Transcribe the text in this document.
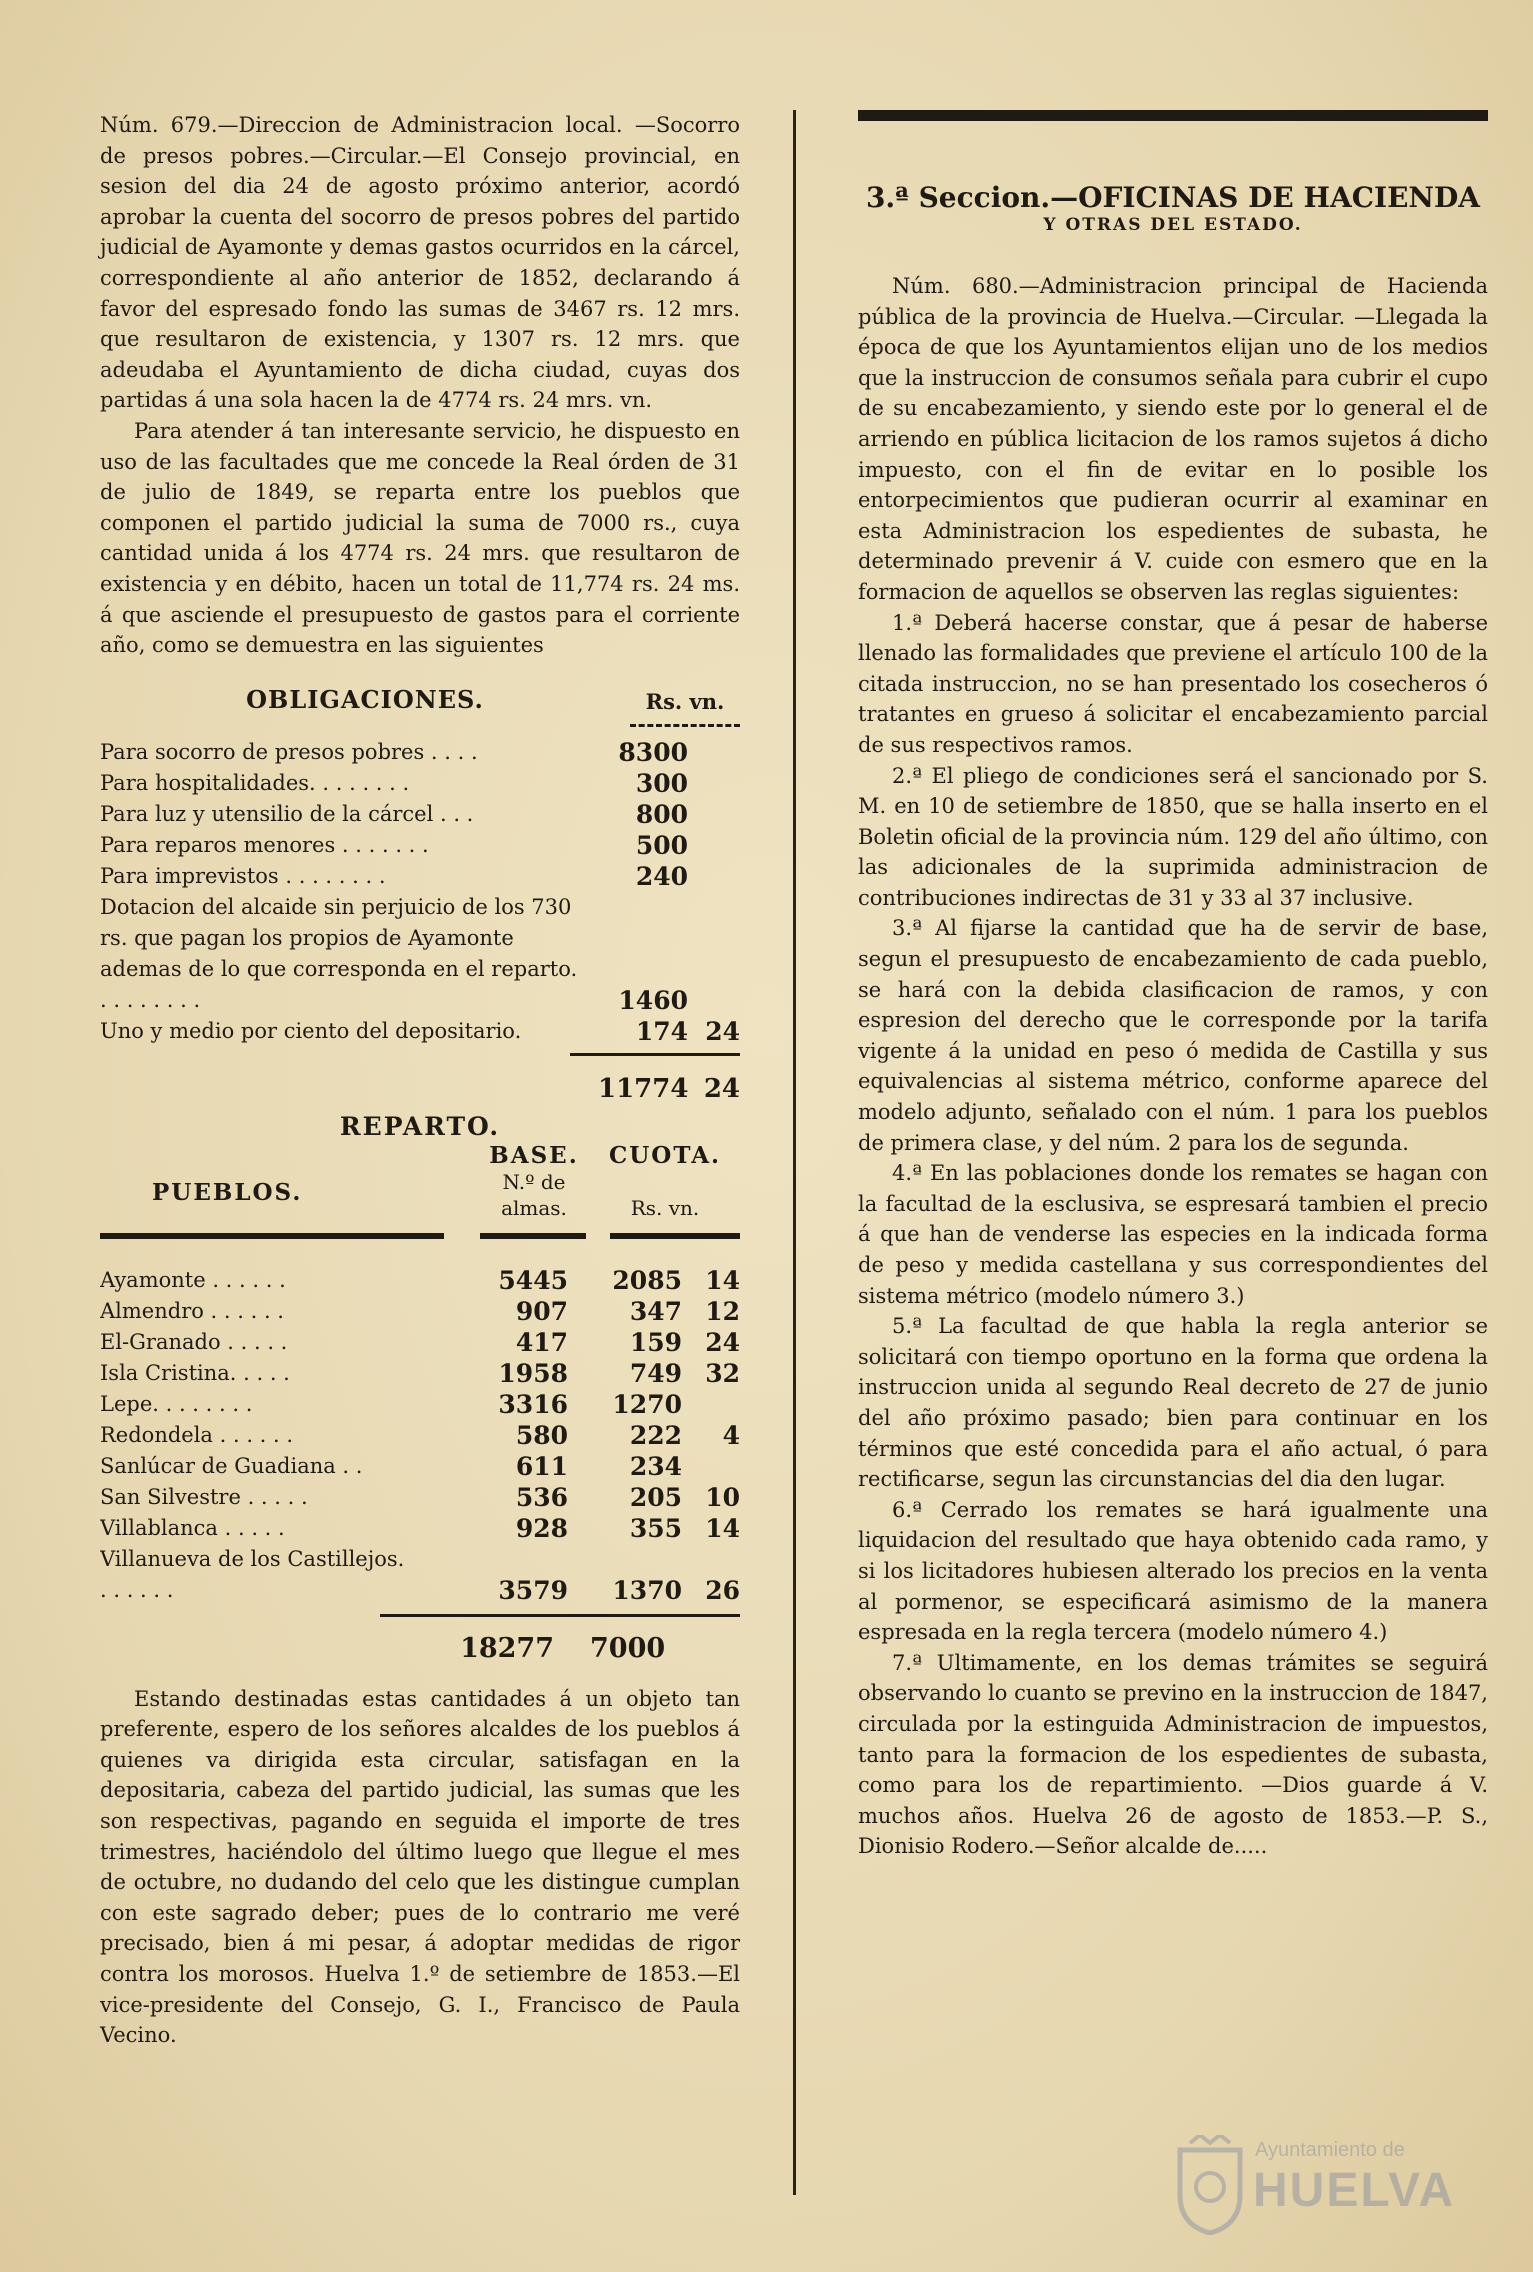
Núm. 679.—Direccion de Administracion local. —Socorro de presos pobres.—Circular.—El Consejo provincial, en sesion del dia 24 de agosto próximo anterior, acordó aprobar la cuenta del socorro de presos pobres del partido judicial de Ayamonte y demas gastos ocurridos en la cárcel, correspondiente al año anterior de 1852, declarando á favor del espresado fondo las sumas de 3467 rs. 12 mrs. que resultaron de existencia, y 1307 rs. 12 mrs. que adeudaba el Ayuntamiento de dicha ciudad, cuyas dos partidas á una sola hacen la de 4774 rs. 24 mrs. vn.

Para atender á tan interesante servicio, he dispuesto en uso de las facultades que me concede la Real órden de 31 de julio de 1849, se reparta entre los pueblos que componen el partido judicial la suma de 7000 rs., cuya cantidad unida á los 4774 rs. 24 mrs. que resultaron de existencia y en débito, hacen un total de 11,774 rs. 24 ms. á que asciende el presupuesto de gastos para el corriente año, como se demuestra en las siguientes

OBLIGACIONES.	Rs. vn.
Para socorro de presos pobres . . . .	8300
Para hospitalidades. . . . . . . .	300
Para luz y utensilio de la cárcel . . .	800
Para reparos menores . . . . . . .	500
Para imprevistos . . . . . . . .	240
Dotacion del alcaide sin perjuicio de los 730 rs. que pagan los propios de Ayamonte ademas de lo que corresponda en el reparto. . . . . . . . .	1460
Uno y medio por ciento del depositario.	174 24
11774 24
REPARTO.
PUEBLOS.
BASE.
N.º de almas.
CUOTA.

Rs. vn.
Ayamonte . . . . . .	5445	2085 14
Almendro . . . . . .	907	347 12
El-Granado . . . . .	417	159 24
Isla Cristina. . . . .	1958	749 32
Lepe. . . . . . . .	3316	1270
Redondela . . . . . .	580	222	4
Sanlúcar de Guadiana . .	611	234
San Silvestre . . . . .	536	205 10
Villablanca . . . . .	928	355 14
Villanueva de los Castillejos. . . . . . .	3579	1370 26
18277	7000

Estando destinadas estas cantidades á un objeto tan preferente, espero de los señores alcaldes de los pueblos á quienes va dirigida esta circular, satisfagan en la depositaria, cabeza del partido judicial, las sumas que les son respectivas, pagando en seguida el importe de tres trimestres, haciéndolo del último luego que llegue el mes de octubre, no dudando del celo que les distingue cumplan con este sagrado deber; pues de lo contrario me veré precisado, bien á mi pesar, á adoptar medidas de rigor contra los morosos. Huelva 1.º de setiembre de 1853.—El vice-presidente del Consejo, G. I., Francisco de Paula Vecino.

3.ª Seccion.—OFICINAS DE HACIENDA
Y OTRAS DEL ESTADO.

Núm. 680.—Administracion principal de Hacienda pública de la provincia de Huelva.—Circular. —Llegada la época de que los Ayuntamientos elijan uno de los medios que la instruccion de consumos señala para cubrir el cupo de su encabezamiento, y siendo este por lo general el de arriendo en pública licitacion de los ramos sujetos á dicho impuesto, con el fin de evitar en lo posible los entorpecimientos que pudieran ocurrir al examinar en esta Administracion los espedientes de subasta, he determinado prevenir á V. cuide con esmero que en la formacion de aquellos se observen las reglas siguientes:

1.ª Deberá hacerse constar, que á pesar de haberse llenado las formalidades que previene el artículo 100 de la citada instruccion, no se han presentado los cosecheros ó tratantes en grueso á solicitar el encabezamiento parcial de sus respectivos ramos.

2.ª El pliego de condiciones será el sancionado por S. M. en 10 de setiembre de 1850, que se halla inserto en el Boletin oficial de la provincia núm. 129 del año último, con las adicionales de la suprimida administracion de contribuciones indirectas de 31 y 33 al 37 inclusive.

3.ª Al fijarse la cantidad que ha de servir de base, segun el presupuesto de encabezamiento de cada pueblo, se hará con la debida clasificacion de ramos, y con espresion del derecho que le corresponde por la tarifa vigente á la unidad en peso ó medida de Castilla y sus equivalencias al sistema métrico, conforme aparece del modelo adjunto, señalado con el núm. 1 para los pueblos de primera clase, y del núm. 2 para los de segunda.

4.ª En las poblaciones donde los remates se hagan con la facultad de la esclusiva, se espresará tambien el precio á que han de venderse las especies en la indicada forma de peso y medida castellana y sus correspondientes del sistema métrico (modelo número 3.)

5.ª La facultad de que habla la regla anterior se solicitará con tiempo oportuno en la forma que ordena la instruccion unida al segundo Real decreto de 27 de junio del año próximo pasado; bien para continuar en los términos que esté concedida para el año actual, ó para rectificarse, segun las circunstancias del dia den lugar.

6.ª Cerrado los remates se hará igualmente una liquidacion del resultado que haya obtenido cada ramo, y si los licitadores hubiesen alterado los precios en la venta al pormenor, se especificará asimismo de la manera espresada en la regla tercera (modelo número 4.)

7.ª Ultimamente, en los demas trámites se seguirá observando lo cuanto se previno en la instruccion de 1847, circulada por la estinguida Administracion de impuestos, tanto para la formacion de los espedientes de subasta, como para los de repartimiento. —Dios guarde á V. muchos años. Huelva 26 de agosto de 1853.—P. S., Dionisio Rodero.—Señor alcalde de.....

Ayuntamiento de
HUELVA
